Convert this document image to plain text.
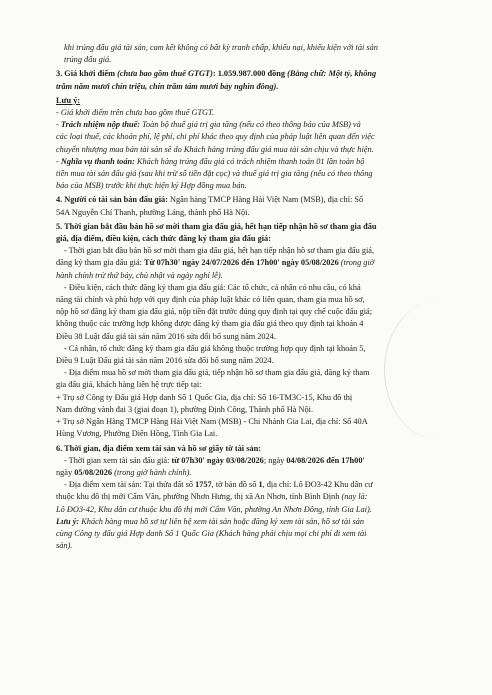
khi trúng đấu giá tài sản, cam kết không có bất kỳ tranh chấp, khiếu nại, khiếu kiện với tài sản
trúng đấu giá.
3. Giá khởi điểm (chưa bao gồm thuế GTGT): 1.059.987.000 đồng (Bằng chữ: Một tỷ, không
trăm năm mươi chín triệu, chín trăm tám mươi bảy nghìn đồng).
Lưu ý:
- Giá khởi điểm trên chưa bao gồm thuế GTGT.
- Trách nhiệm nộp thuế: Toàn bộ thuế giá trị gia tăng (nếu có theo thông báo của MSB) và
các loại thuế, các khoản phí, lệ phí, chi phí khác theo quy định của pháp luật liên quan đến việc
chuyển nhượng mua bán tài sản sẽ do Khách hàng trúng đấu giá mua tài sản chịu và thực hiện.
- Nghĩa vụ thanh toán: Khách hàng trúng đấu giá có trách nhiệm thanh toán 01 lần toàn bộ
tiền mua tài sản đấu giá (sau khi trừ số tiền đặt cọc) và thuế giá trị gia tăng (nếu có theo thông
báo của MSB) trước khi thực hiện ký Hợp đồng mua bán.
4. Người có tài sản bán đấu giá: Ngân hàng TMCP Hàng Hải Việt Nam (MSB), địa chỉ: Số
54A Nguyễn Chí Thanh, phường Láng, thành phố Hà Nội.
5. Thời gian bắt đầu bán hồ sơ mời tham gia đấu giá, hết hạn tiếp nhận hồ sơ tham gia đấu
giá, địa điểm, điều kiện, cách thức đăng ký tham gia đấu giá:
- Thời gian bắt đầu bán hồ sơ mời tham gia đấu giá, hết hạn tiếp nhận hồ sơ tham gia đấu giá,
đăng ký tham gia đấu giá: Từ 07h30' ngày 24/07/2026 đến 17h00' ngày 05/08/2026 (trong giờ
hành chính trừ thứ bảy, chủ nhật và ngày nghỉ lễ).
- Điều kiện, cách thức đăng ký tham gia đấu giá: Các tổ chức, cá nhân có nhu cầu, có khả
năng tài chính và phù hợp với quy định của pháp luật khác có liên quan, tham gia mua hồ sơ,
nộp hồ sơ đăng ký tham gia đấu giá, nộp tiền đặt trước đúng quy định tại quy chế cuộc đấu giá;
không thuộc các trường hợp không được đăng ký tham gia đấu giá theo quy định tại khoản 4
Điều 38 Luật đấu giá tài sản năm 2016 sửa đổi bổ sung năm 2024.
- Cá nhân, tổ chức đăng ký tham gia đấu giá không thuộc trường hợp quy định tại khoản 5,
Điều 9 Luật Đấu giá tài sản năm 2016 sửa đổi bổ sung năm 2024.
- Địa điểm mua hồ sơ mời tham gia đấu giá, tiếp nhận hồ sơ tham gia đấu giá, đăng ký tham
gia đấu giá, khách hàng liên hệ trực tiếp tại:
+ Trụ sở Công ty Đấu giá Hợp danh Số 1 Quốc Gia, địa chỉ: Số 16-TM3C-15, Khu đô thị
Nam đường vành đai 3 (giai đoạn 1), phường Định Công, Thành phố Hà Nội.
+ Trụ sở Ngân Hàng TMCP Hàng Hải Việt Nam (MSB) - Chi Nhánh Gia Lai, địa chỉ: Số 40A
Hùng Vương, Phường Diên Hồng, Tỉnh Gia Lai.
6. Thời gian, địa điểm xem tài sản và hồ sơ giấy tờ tài sản:
- Thời gian xem tài sản đấu giá: từ 07h30' ngày 03/08/2026; ngày 04/08/2026 đến 17h00'
ngày 05/08/2026 (trong giờ hành chính).
- Địa điểm xem tài sản: Tại thửa đất số 1757, tờ bản đồ số 1, địa chỉ: Lô ĐO3-42 Khu dân cư
thuộc khu đô thị mới Cẩm Văn, phường Nhơn Hưng, thị xã An Nhơn, tỉnh Bình Định (nay là:
Lô ĐO3-42, Khu dân cư thuộc khu đô thị mới Cẩm Văn, phường An Nhơn Đông, tỉnh Gia Lai).
Lưu ý: Khách hàng mua hồ sơ tự liên hệ xem tài sản hoặc đăng ký xem tài sản, hồ sơ tài sản
cùng Công ty đấu giá Hợp danh Số 1 Quốc Gia (Khách hàng phải chịu mọi chi phí đi xem tài
sản).
